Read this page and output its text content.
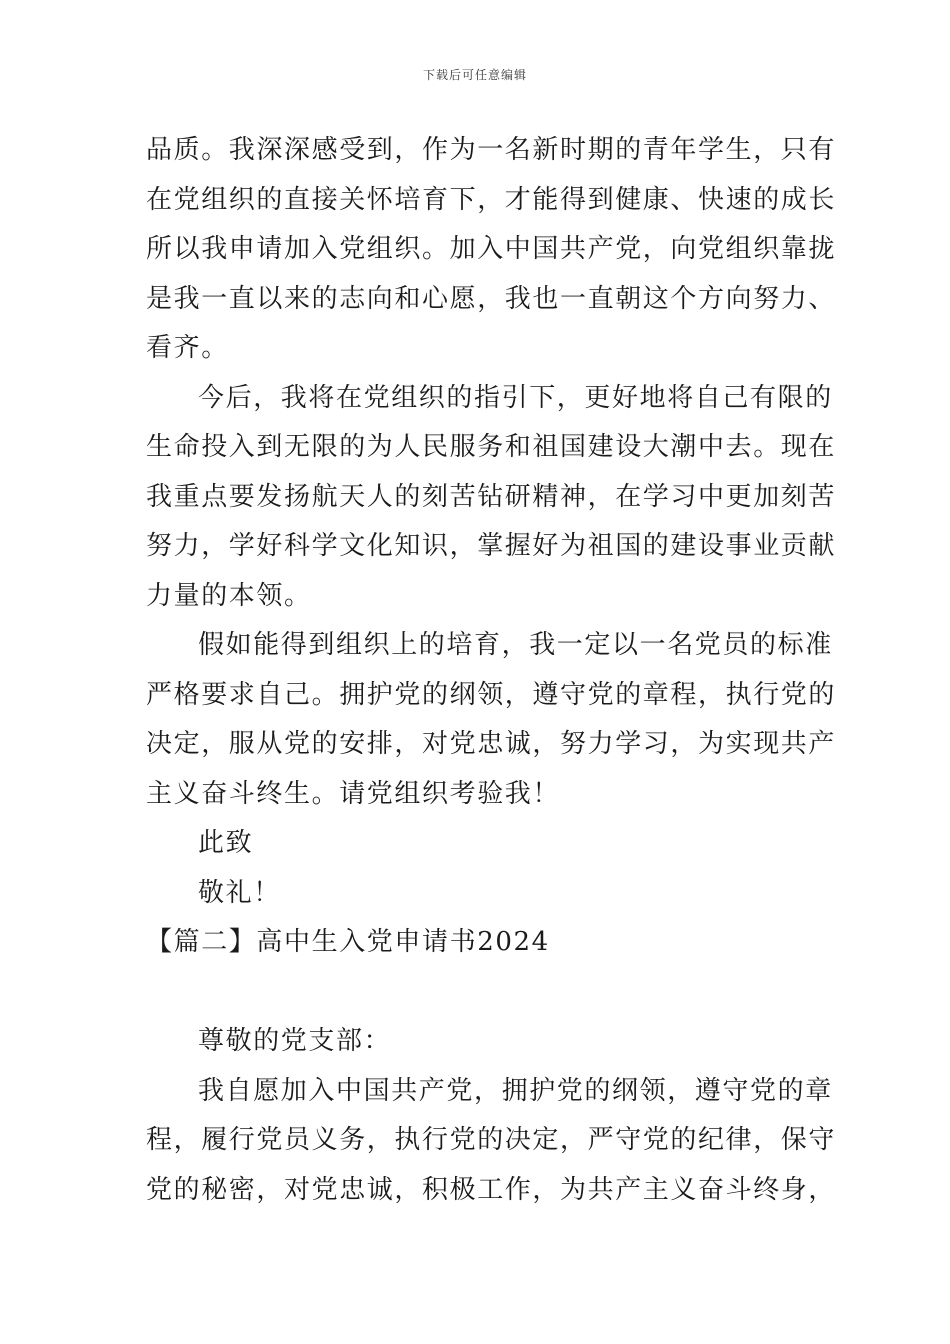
下载后可任意编辑
品质。我深深感受到，作为一名新时期的青年学生，只有
在党组织的直接关怀培育下，才能得到健康、快速的成长
所以我申请加入党组织。加入中国共产党，向党组织靠拢
是我一直以来的志向和心愿，我也一直朝这个方向努力、
看齐。
今后，我将在党组织的指引下，更好地将自己有限的
生命投入到无限的为人民服务和祖国建设大潮中去。现在
我重点要发扬航天人的刻苦钻研精神，在学习中更加刻苦
努力，学好科学文化知识，掌握好为祖国的建设事业贡献
力量的本领。
假如能得到组织上的培育，我一定以一名党员的标准
严格要求自己。拥护党的纲领，遵守党的章程，执行党的
决定，服从党的安排，对党忠诚，努力学习，为实现共产
主义奋斗终生。请党组织考验我！
此致
敬礼！
【篇二】高中生入党申请书2024
尊敬的党支部：
我自愿加入中国共产党，拥护党的纲领，遵守党的章
程，履行党员义务，执行党的决定，严守党的纪律，保守
党的秘密，对党忠诚，积极工作，为共产主义奋斗终身，
